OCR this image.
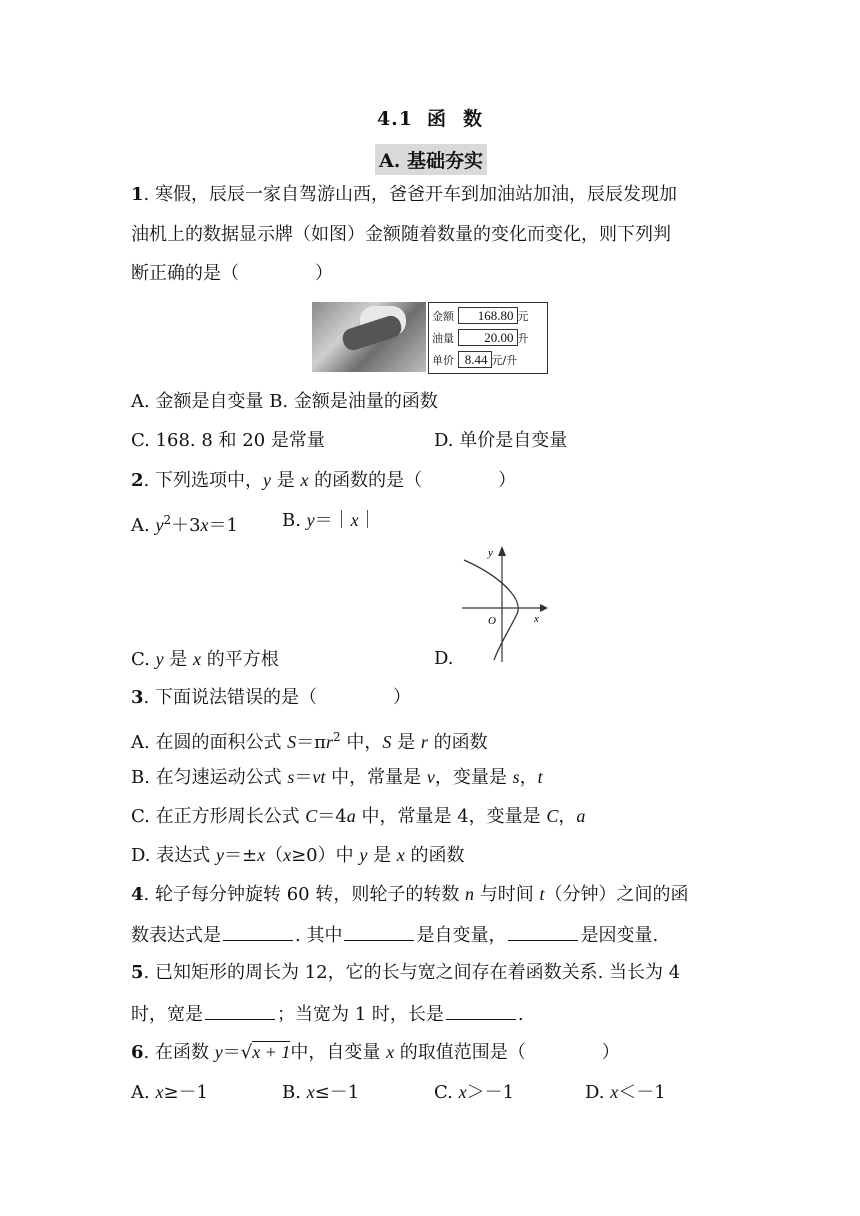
4.1 函 数
A. 基础夯实
1. 寒假，辰辰一家自驾游山西，爸爸开车到加油站加油，辰辰发现加
油机上的数据显示牌（如图）金额随着数量的变化而变化，则下列判
断正确的是（	）
金额 168.80 元
油量 20.00 升
单价 8.44 元/升
A. 金额是自变量 B. 金额是油量的函数
C. 168. 8 和 20 是常量	D. 单价是自变量
2. 下列选项中，y 是 x 的函数的是（	）
A. $y^2+3x=1$ B. y＝｜x｜
y
x
O
C. y 是 x 的平方根	D.
3. 下面说法错误的是（	）
A. 在圆的面积公式 $S=\pi r^2$ 中，S 是 r 的函数
B. 在匀速运动公式 s＝vt 中，常量是 v，变量是 s，t
C. 在正方形周长公式 C＝4a 中，常量是 4，变量是 C，a
D. 表达式 y＝±x（x≥0）中 y 是 x 的函数
4. 轮子每分钟旋转 60 转，则轮子的转数 n 与时间 t（分钟）之间的函
数表达式是	. 其中	是自变量，	是因变量.
5. 已知矩形的周长为 12，它的长与宽之间存在着函数关系. 当长为 4
时，宽是	；当宽为 1 时，长是	.
6. 在函数 y＝√x + 1中，自变量 x 的取值范围是（	）
A. x≥－1	B. x≤－1	C. x＞－1	D. x＜－1
